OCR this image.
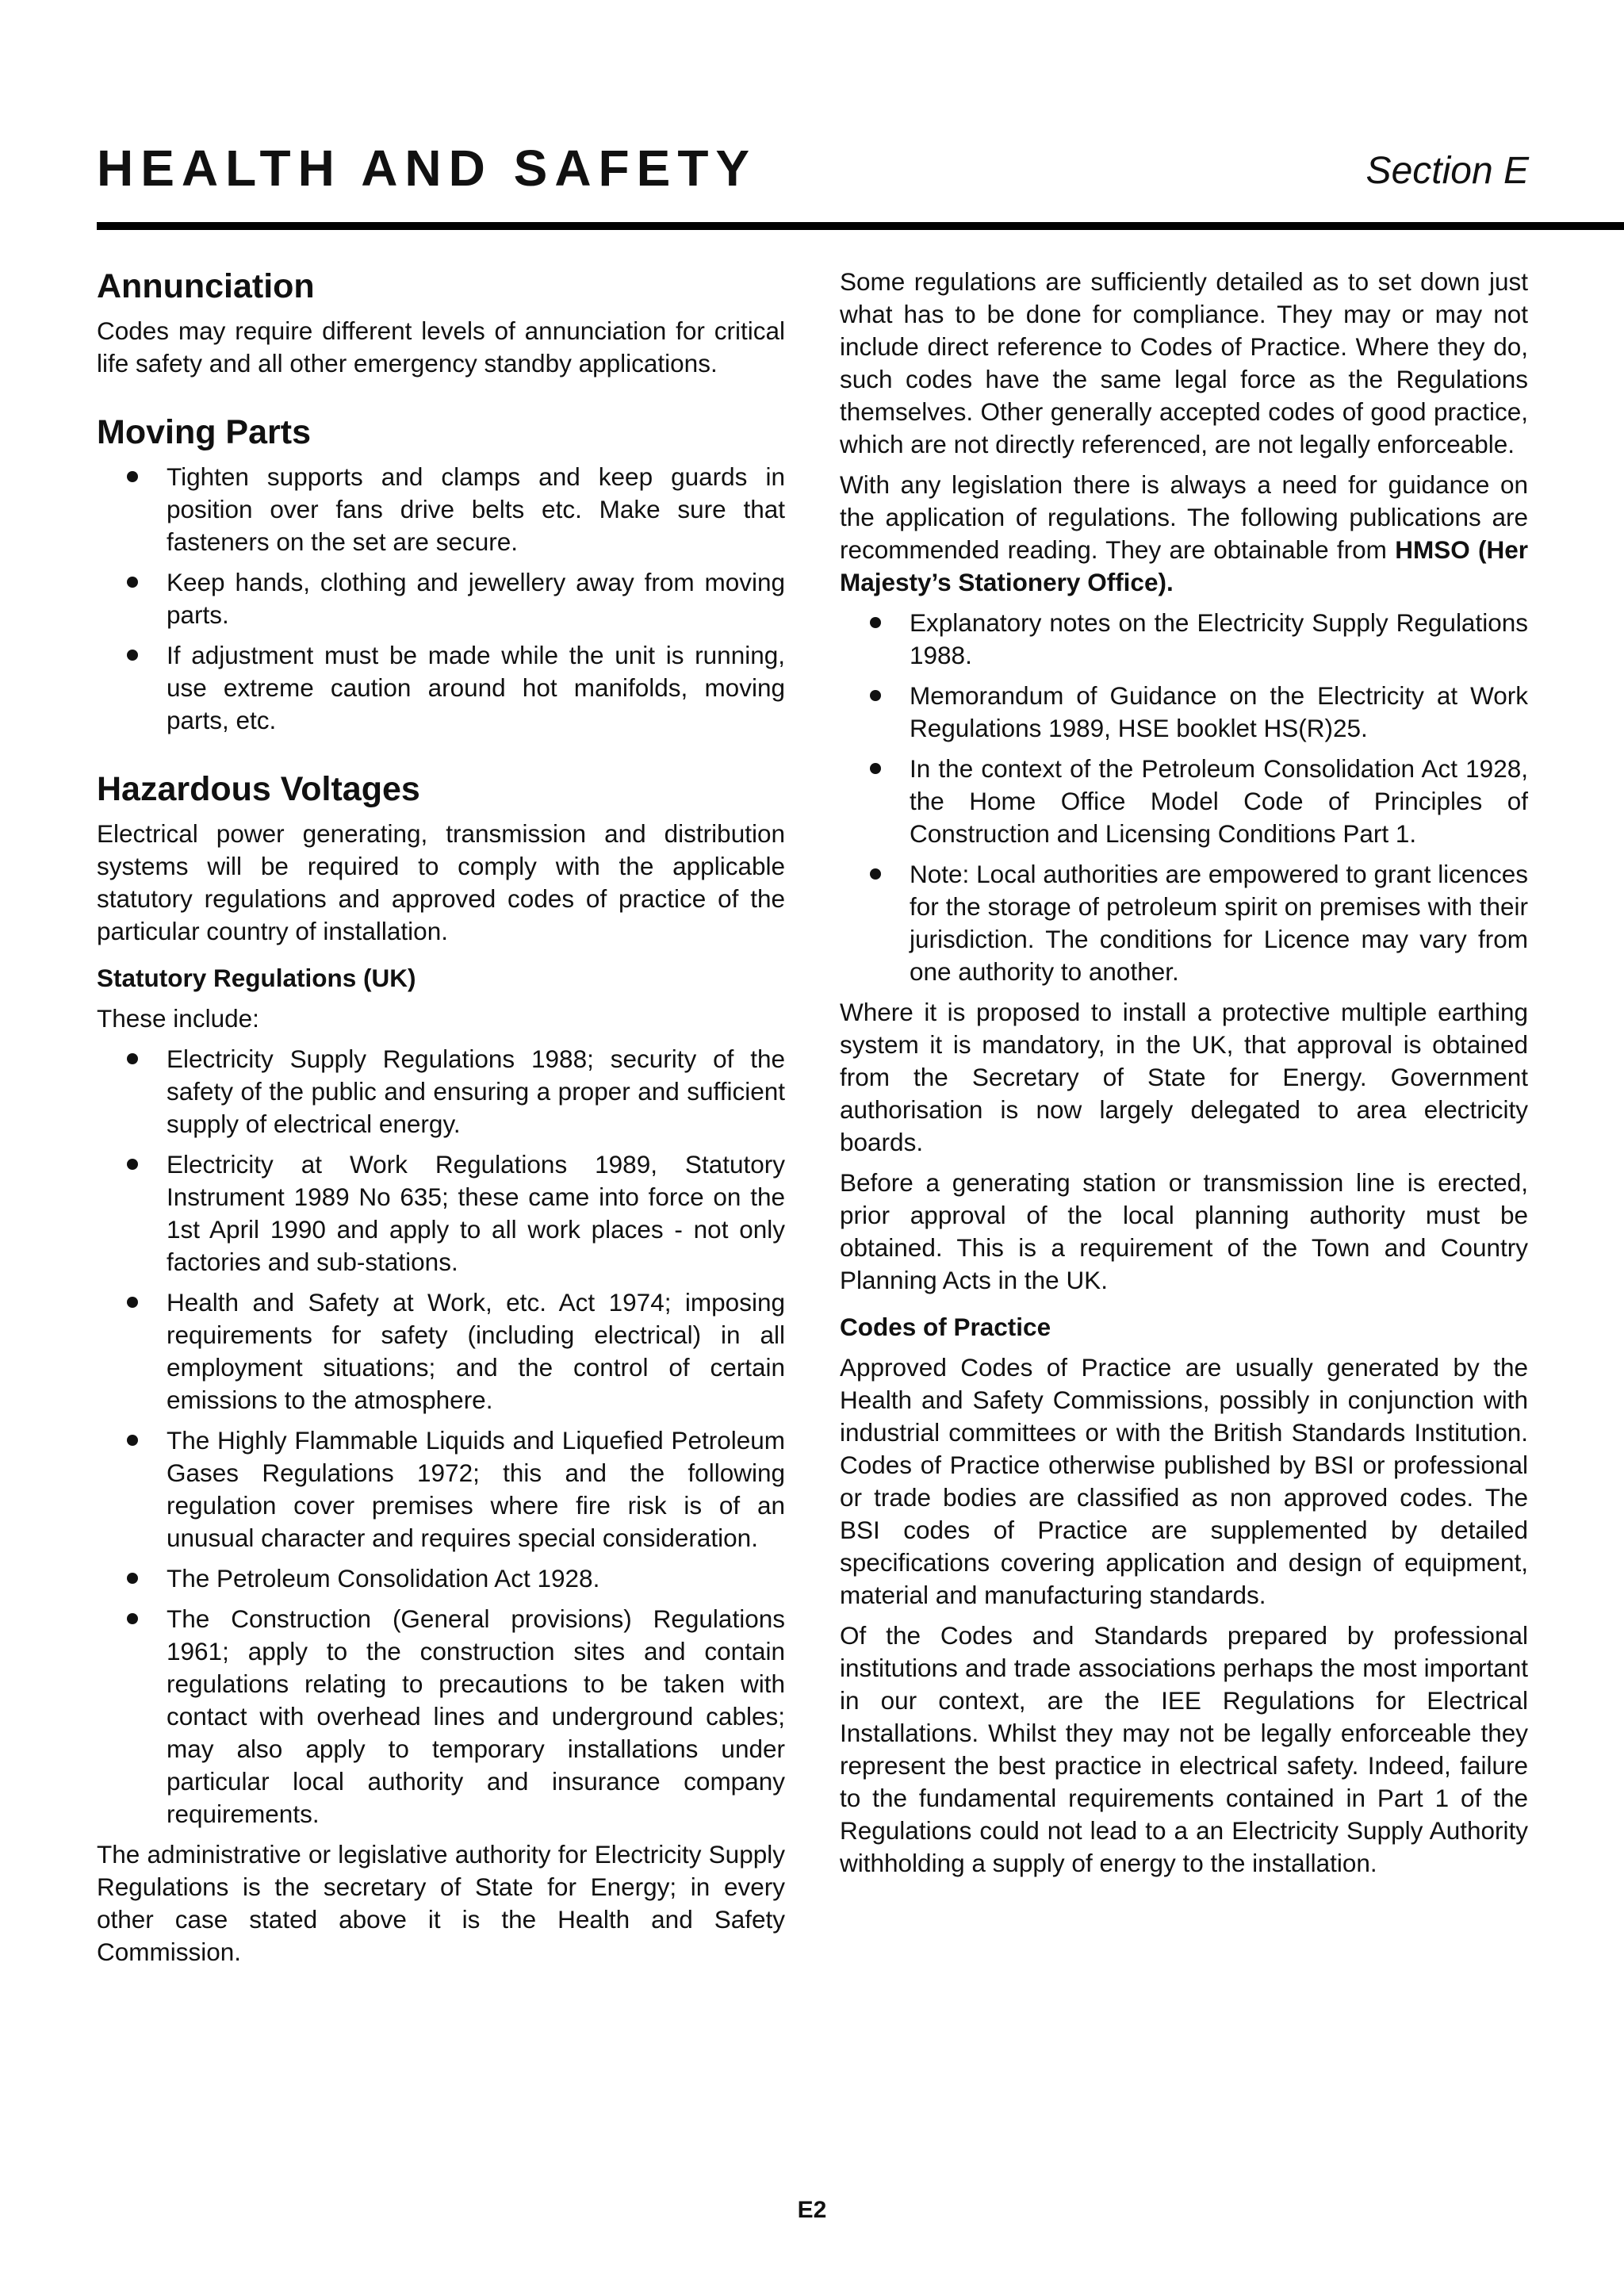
HEALTH AND SAFETY	Section E
Annunciation

Codes may require different levels of annunciation for critical life safety and all other emergency standby applications.

Moving Parts
Tighten supports and clamps and keep guards in position over fans drive belts etc. Make sure that fasteners on the set are secure.
Keep hands, clothing and jewellery away from moving parts.
If adjustment must be made while the unit is running, use extreme caution around hot manifolds, moving parts, etc.
Hazardous Voltages

Electrical power generating, transmission and distribution systems will be required to comply with the applicable statutory regulations and approved codes of practice of the particular country of installation.

Statutory Regulations (UK)

These include:

Electricity Supply Regulations 1988; security of the safety of the public and ensuring a proper and sufficient supply of electrical energy.
Electricity at Work Regulations 1989, Statutory Instrument 1989 No 635; these came into force on the 1st April 1990 and apply to all work places - not only factories and sub-stations.
Health and Safety at Work, etc. Act 1974; imposing requirements for safety (including electrical) in all employment situations; and the control of certain emissions to the atmosphere.
The Highly Flammable Liquids and Liquefied Petroleum Gases Regulations 1972; this and the following regulation cover premises where fire risk is of an unusual character and requires special consideration.
The Petroleum Consolidation Act 1928.
The Construction (General provisions) Regulations 1961; apply to the construction sites and contain regulations relating to precautions to be taken with contact with overhead lines and underground cables; may also apply to temporary installations under particular local authority and insurance company requirements.

The administrative or legislative authority for Electricity Supply Regulations is the secretary of State for Energy; in every other case stated above it is the Health and Safety Commission.

Some regulations are sufficiently detailed as to set down just what has to be done for compliance. They may or may not include direct reference to Codes of Practice. Where they do, such codes have the same legal force as the Regulations themselves. Other generally accepted codes of good practice, which are not directly referenced, are not legally enforceable.

With any legislation there is always a need for guidance on the application of regulations. The following publications are recommended reading. They are obtainable from HMSO (Her Majesty’s Stationery Office).

Explanatory notes on the Electricity Supply Regulations 1988.
Memorandum of Guidance on the Electricity at Work Regulations 1989, HSE booklet HS(R)25.
In the context of the Petroleum Consolidation Act 1928, the Home Office Model Code of Principles of Construction and Licensing Conditions Part 1.
Note: Local authorities are empowered to grant licences for the storage of petroleum spirit on premises with their jurisdiction. The conditions for Licence may vary from one authority to another.

Where it is proposed to install a protective multiple earthing system it is mandatory, in the UK, that approval is obtained from the Secretary of State for Energy. Government authorisation is now largely delegated to area electricity boards.

Before a generating station or transmission line is erected, prior approval of the local planning authority must be obtained. This is a requirement of the Town and Country Planning Acts in the UK.

Codes of Practice

Approved Codes of Practice are usually generated by the Health and Safety Commissions, possibly in conjunction with industrial committees or with the British Standards Institution. Codes of Practice otherwise published by BSI or professional or trade bodies are classified as non approved codes. The BSI codes of Practice are supplemented by detailed specifications covering application and design of equipment, material and manufacturing standards.

Of the Codes and Standards prepared by professional institutions and trade associations perhaps the most important in our context, are the IEE Regulations for Electrical Installations. Whilst they may not be legally enforceable they represent the best practice in electrical safety. Indeed, failure to the fundamental requirements contained in Part 1 of the Regulations could not lead to a an Electricity Supply Authority withholding a supply of energy to the installation.

E2
